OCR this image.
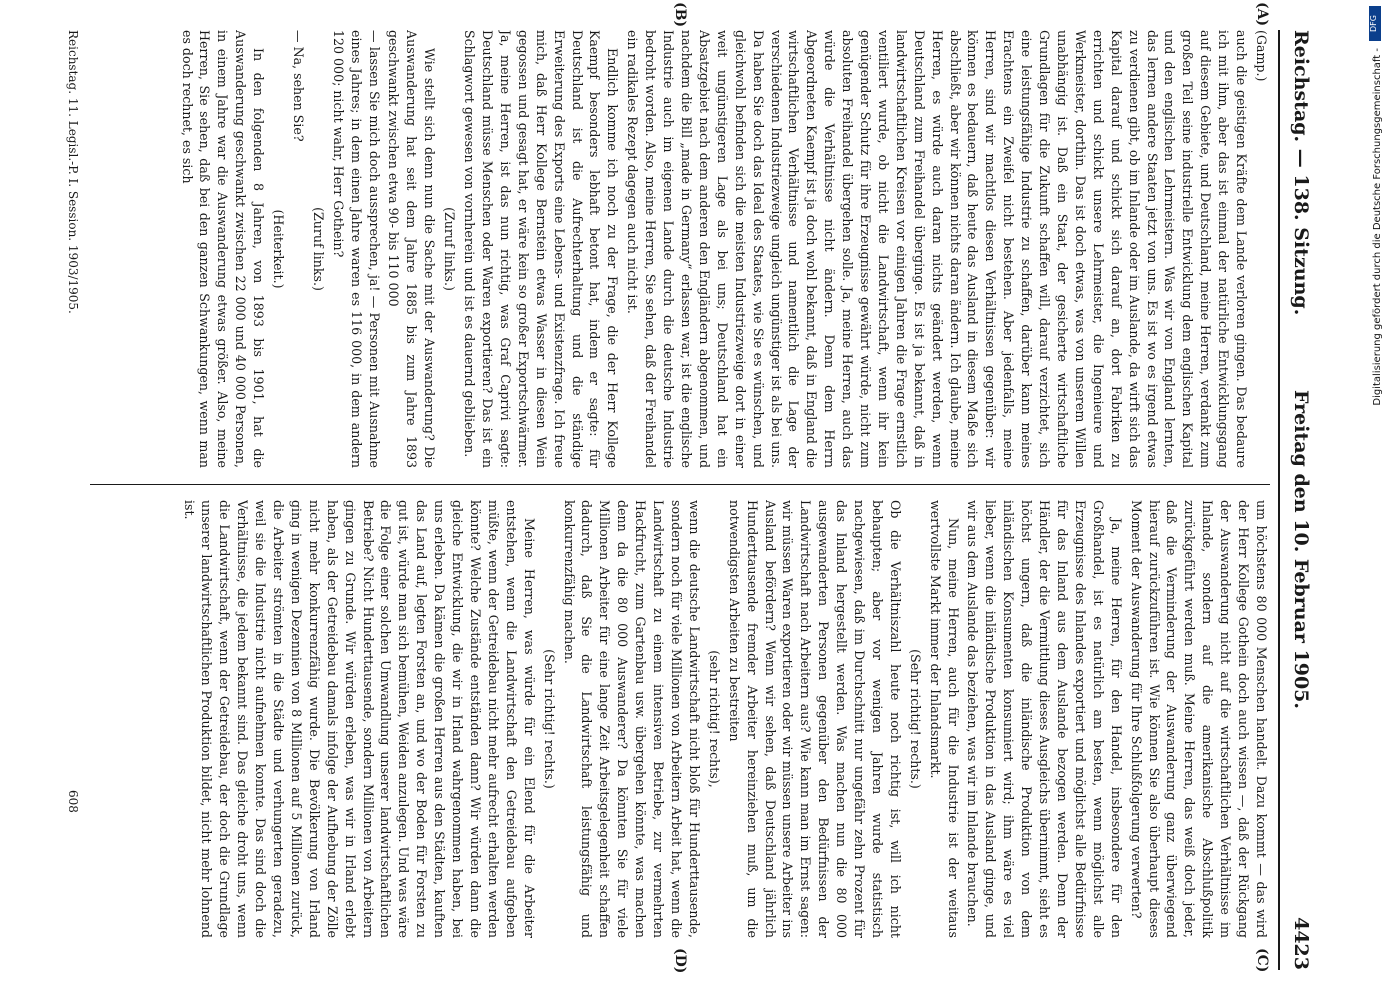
Digitalisierung gefördert durch die Deutsche Forschungsgemeinschaft -
DFG
Reichstag. — 138. Sitzung.
Freitag den 10. Februar 1905.
4423
(A)
(B)
(C)
(D)

(Gamp.)

auch die geistigen Kräfte dem Lande verloren gingen. Das bedaure ich mit ihm, aber das ist einmal der natürliche Entwicklungsgang auf diesem Gebiete, und Deutschland, meine Herren, verdankt zum großen Teil seine industrielle Entwicklung dem englischen Kapital und den englischen Lehrmeistern. Was wir von England lernten, das lernen andere Staaten jetzt von uns. Es ist wo es irgend etwas zu verdienen gibt, ob im Inlande oder im Auslande, da wirft sich das Kapital darauf und schickt sich darauf an, dort Fabriken zu errichten und schickt unsere Lehrmeister, die Ingenieure und Werkmeister, dorthin. Das ist doch etwas, was von unserem Willen unabhängig ist. Daß ein Staat, der gesicherte wirtschaftliche Grundlagen für die Zukunft schaffen will, darauf verzichtet, sich eine leistungsfähige Industrie zu schaffen, darüber kann meines Erachtens ein Zweifel nicht bestehen. Aber jedenfalls, meine Herren, sind wir machtlos diesen Verhältnissen gegenüber: wir können es bedauern, daß heute das Ausland in diesem Maße sich abschließt, aber wir können nichts daran ändern. Ich glaube, meine Herren, es würde auch daran nichts geändert werden, wenn Deutschland zum Freihandel überginge. Es ist ja bekannt, daß in landwirtschaftlichen Kreisen vor einigen Jahren die Frage ernstlich ventiliert wurde, ob nicht die Landwirtschaft, wenn ihr kein genügender Schutz für ihre Erzeugnisse gewährt würde, nicht zum absoluten Freihandel übergehen solle. Ja, meine Herren, auch das würde die Verhältnisse nicht ändern. Denn dem Herrn Abgeordneten Kaempf ist ja doch wohl bekannt, daß in England die wirtschaftlichen Verhältnisse und namentlich die Lage der verschiedenen Industriezweige ungleich ungünstiger ist als bei uns. Da haben Sie doch das Ideal des Staates, wie Sie es wünschen, und gleichwohl befinden sich die meisten Industriezweige dort in einer weit ungünstigeren Lage als bei uns; Deutschland hat ein Absatzgebiet nach dem anderen den Engländern abgenommen, und nachdem die Bill „made in Germany“ erlassen war, ist die englische Industrie auch im eigenen Lande durch die deutsche Industrie bedroht worden. Also, meine Herren, Sie sehen, daß der Freihandel ein radikales Rezept dagegen auch nicht ist.

Endlich komme ich noch zu der Frage, die der Herr Kollege Kaempf besonders lebhaft betont hat, indem er sagte: für Deutschland ist die Aufrechterhaltung und die ständige Erweiterung des Exports eine Lebens- und Existenzfrage. Ich freue mich, daß Herr Kollege Bernstein etwas Wasser in diesen Wein gegossen und gesagt hat, er wäre kein so großer Exportschwärmer. Ja, meine Herren, ist das nun richtig, was Graf Caprivi sagte: Deutschland müsse Menschen oder Waren exportieren? Das ist ein Schlagwort gewesen von vornherein und ist es dauernd geblieben.

(Zuruf links.)

Wie stellt sich denn nun die Sache mit der Auswanderung? Die Auswanderung hat seit dem Jahre 1885 bis zum Jahre 1893 geschwankt zwischen etwa 90- bis 110 000

— lassen Sie mich doch aussprechen, ja! — Personen mit Ausnahme eines Jahres; in dem einen Jahre waren es 116 000, in dem andern 120 000; nicht wahr, Herr Gothein?

(Zuruf links.)

— Na, sehen Sie?

(Heiterkeit.)

In den folgenden 8 Jahren, von 1893 bis 1901, hat die Auswanderung geschwankt zwischen 22 000 und 40 000 Personen, in einem Jahre war die Auswanderung etwas größer. Also, meine Herren, Sie sehen, daß bei den ganzen Schwankungen, wenn man es doch rechnet, es sich

um höchstens 80 000 Menschen handelt. Dazu kommt — das wird der Herr Kollege Gothein doch auch wissen —, daß der Rückgang der Auswanderung nicht auf die wirtschaftlichen Verhältnisse im Inlande, sondern auf die amerikanische Abschlußpolitik zurückgeführt werden muß. Meine Herren, das weiß doch jeder, daß die Verminderung der Auswanderung ganz überwiegend hierauf zurückzuführen ist. Wie können Sie also überhaupt dieses Moment der Auswanderung für Ihre Schlußfolgerung verwerten?

Ja, meine Herren, für den Handel, insbesondere für den Großhandel, ist es natürlich am besten, wenn möglichst alle Erzeugnisse des Inlandes exportiert und möglichst alle Bedürfnisse für das Inland aus dem Auslande bezogen werden. Denn der Händler, der die Vermittlung dieses Ausgleichs übernimmt, sieht es höchst ungern, daß die inländische Produktion von dem inländischen Konsumenten konsumiert wird; ihm wäre es viel lieber, wenn die inländische Produktion in das Ausland ginge, und wir aus dem Auslande das beziehen, was wir im Inlande brauchen.

Nun, meine Herren, auch für die Industrie ist der weitaus wertvollste Markt immer der Inlandsmarkt.

(Sehr richtig! rechts.)

Ob die Verhältniszahl heute noch richtig ist, will ich nicht behaupten; aber vor wenigen Jahren wurde statistisch nachgewiesen, daß im Durchschnitt nur ungefähr zehn Prozent für das Inland hergestellt werden. Was machen nun die 80 000 ausgewanderten Personen gegenüber den Bedürfnissen der Landwirtschaft nach Arbeitern aus? Wie kann man im Ernst sagen: wir müssen Waren exportieren oder wir müssen unsere Arbeiter ins Ausland befördern? Wenn wir sehen, daß Deutschland jährlich Hunderttausende fremder Arbeiter hereinziehen muß, um die notwendigsten Arbeiten zu bestreiten

(sehr richtig! rechts),

wenn die deutsche Landwirtschaft nicht bloß für Hunderttausende, sondern noch für viele Millionen von Arbeitern Arbeit hat, wenn die Landwirtschaft zu einem intensiven Betriebe, zur vermehrten Hackfrucht, zum Gartenbau usw. übergehen könnte, was machen denn da die 80 000 Auswanderer? Da könnten Sie für viele Millionen Arbeiter für eine lange Zeit Arbeitsgelegenheit schaffen dadurch, daß Sie die Landwirtschaft leistungsfähig und konkurrenzfähig machen.

(Sehr richtig! rechts.)

Meine Herren, was würde für ein Elend für die Arbeiter entstehen, wenn die Landwirtschaft den Getreidebau aufgeben müßte, wenn der Getreidebau nicht mehr aufrecht erhalten werden könnte? Welche Zustände entständen dann? Wir würden dann die gleiche Entwicklung, die wir in Irland wahrgenommen haben, bei uns erleben. Da kämen die großen Herren aus den Städten, kauften das Land auf, legten Forsten an, und wo der Boden für Forsten zu gut ist, würde man sich bemühen, Weiden anzulegen. Und was wäre die Folge einer solchen Umwandlung unserer landwirtschaftlichen Betriebe? Nicht Hunderttausende, sondern Millionen von Arbeitern gingen zu Grunde. Wir würden erleben, was wir in Irland erlebt haben, als der Getreidebau damals infolge der Aufhebung der Zölle nicht mehr konkurrenzfähig wurde. Die Bevölkerung von Irland ging in wenigen Dezennien von 8 Millionen auf 5 Millionen zurück, die Arbeiter strömten in die Städte und verhungerten geradezu, weil sie die Industrie nicht aufnehmen konnte. Das sind doch die Verhältnisse, die jedem bekannt sind. Das gleiche droht uns, wenn die Landwirtschaft, wenn der Getreidebau, der doch die Grundlage unserer landwirtschaftlichen Produktion bildet, nicht mehr lohnend ist.

Reichstag. 11. Legisl.-P. I. Session. 1903/1905.
608
